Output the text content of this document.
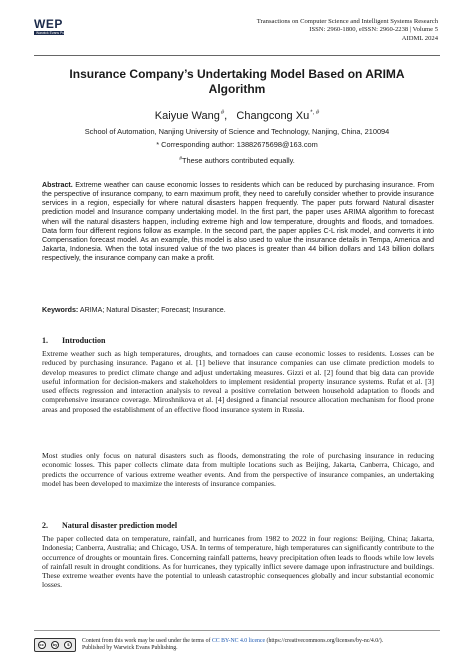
WEP
Warwick Evans Publishing
Transactions on Computer Science and Intelligent Systems Research
ISSN: 2960-1800, eISSN: 2960-2238 | Volume 5
AIDML 2024
Insurance Company’s Undertaking Model Based on ARIMA Algorithm
Kaiyue Wang#,   Changcong Xu*, #
School of Automation, Nanjing University of Science and Technology, Nanjing, China, 210094
* Corresponding author: 13882675698@163.com
#These authors contributed equally.
Abstract. Extreme weather can cause economic losses to residents which can be reduced by purchasing insurance. From the perspective of insurance company, to earn maximum profit, they need to carefully consider whether to provide insurance services in a region, especially for where natural disasters happen frequently. The paper puts forward Natural disaster prediction model and Insurance company undertaking model. In the first part, the paper uses ARIMA algorithm to forecast when will the natural disasters happen, including extreme high and low temperature, droughts and floods, and tornadoes. Data form four different regions follow as example. In the second part, the paper applies C-L risk model, and converts it into Compensation forecast model. As an example, this model is also used to value the insurance details in Tempa, America and Jakarta, Indonesia. When the total insured value of the two places is greater than 44 billion dollars and 143 billion dollars respectively, the insurance company can make a profit.
Keywords: ARIMA; Natural Disaster; Forecast; Insurance.
1. Introduction
Extreme weather such as high temperatures, droughts, and tornadoes can cause economic losses to residents. Losses can be reduced by purchasing insurance. Pagano et al. [1] believe that insurance companies can use climate prediction models to develop measures to predict climate change and adjust undertaking measures. Gizzi et al. [2] found that big data can provide useful information for decision-makers and stakeholders to implement residential property insurance systems. Rufat et al. [3] used effects regression and interaction analysis to reveal a positive correlation between household adaptation to floods and comprehensive insurance coverage. Miroshnikova et al. [4] designed a financial resource allocation mechanism for flood prone areas and proposed the establishment of an effective flood insurance system in Russia.
Most studies only focus on natural disasters such as floods, demonstrating the role of purchasing insurance in reducing economic losses. This paper collects climate data from multiple locations such as Beijing, Jakarta, Canberra, Chicago, and predicts the occurrence of various extreme weather events. And from the perspective of insurance companies, an undertaking model has been developed to maximize the interests of insurance companies.
2. Natural disaster prediction model
The paper collected data on temperature, rainfall, and hurricanes from 1982 to 2022 in four regions: Beijing, China; Jakarta, Indonesia; Canberra, Australia; and Chicago, USA. In terms of temperature, high temperatures can significantly contribute to the occurrence of droughts or mountain fires. Concerning rainfall patterns, heavy precipitation often leads to floods while low levels of rainfall result in drought conditions. As for hurricanes, they typically inflict severe damage upon infrastructure and buildings. These extreme weather events have the potential to unleash catastrophic consequences globally and incur substantial economic losses.
cc	by	$
Content from this work may be used under the terms of CC BY-NC 4.0 licence (https://creativecommons.org/licenses/by-nc/4.0/).
Published by Warwick Evans Publishing.
